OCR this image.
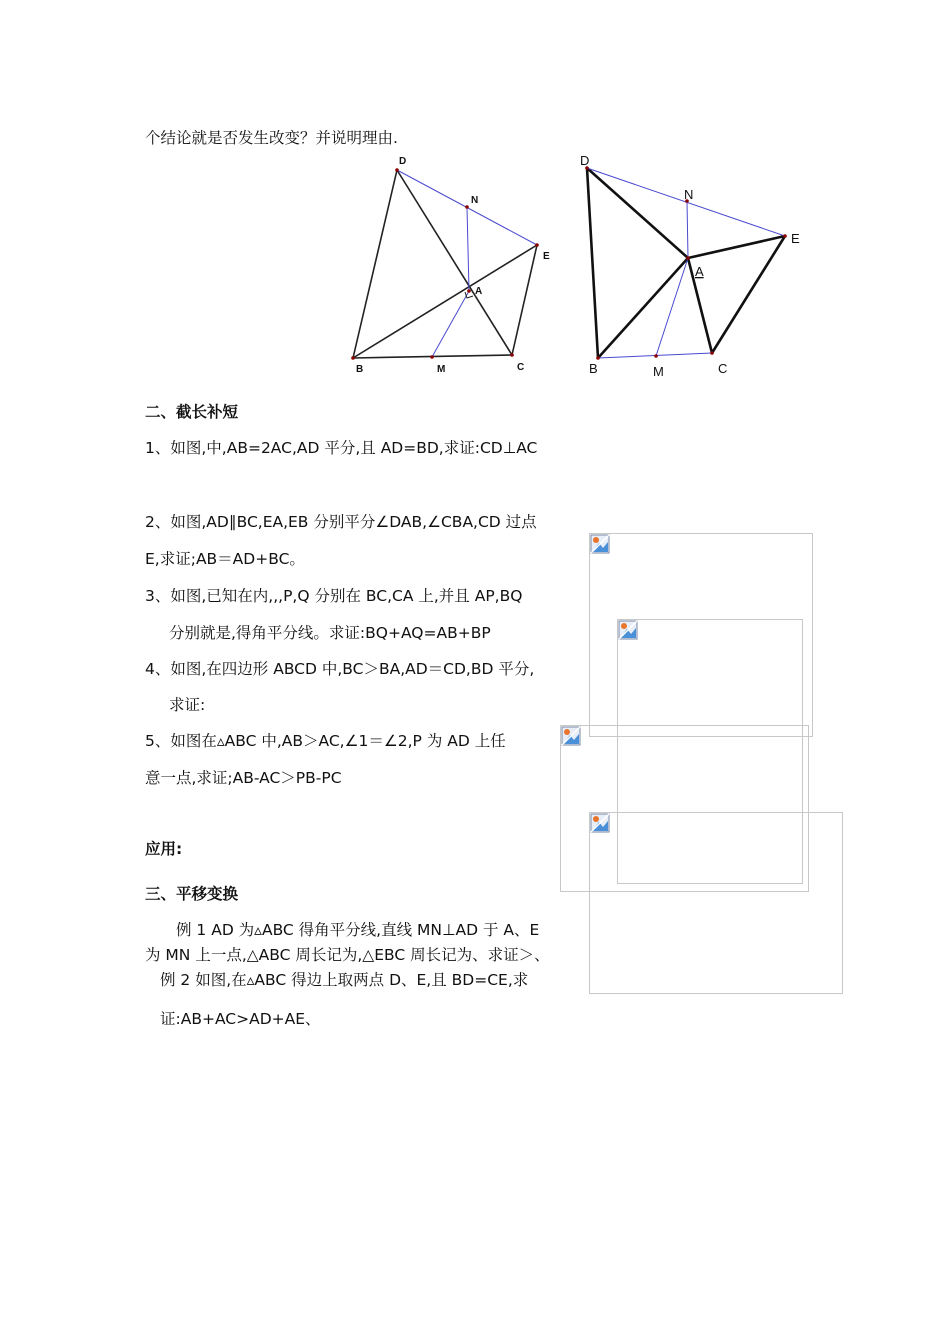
个结论就是否发生改变？并说明理由.
D
N
E
A
B	M	C
D
N
E
A
B	M	C
二、截长补短
1、如图,中,AB=2AC,AD 平分,且 AD=BD,求证:CD⊥AC
2、如图,AD∥BC,EA,EB 分别平分∠DAB,∠CBA,CD 过点
E,求证;AB＝AD+BC。
3、如图,已知在内,,,P,Q 分别在 BC,CA 上,并且 AP,BQ
分别就是,得角平分线。求证:BQ+AQ=AB+BP
4、如图,在四边形 ABCD 中,BC＞BA,AD＝CD,BD 平分,
求证:
5、如图在▵ABC 中,AB＞AC,∠1＝∠2,P 为 AD 上任
意一点,求证;AB-AC＞PB-PC
应用:
三、平移变换
例 1 AD 为▵ABC 得角平分线,直线 MN⊥AD 于 A、E
为 MN 上一点,△ABC 周长记为,△EBC 周长记为、求证＞、
例 2 如图,在▵ABC 得边上取两点 D、E,且 BD=CE,求
证:AB+AC>AD+AE、
